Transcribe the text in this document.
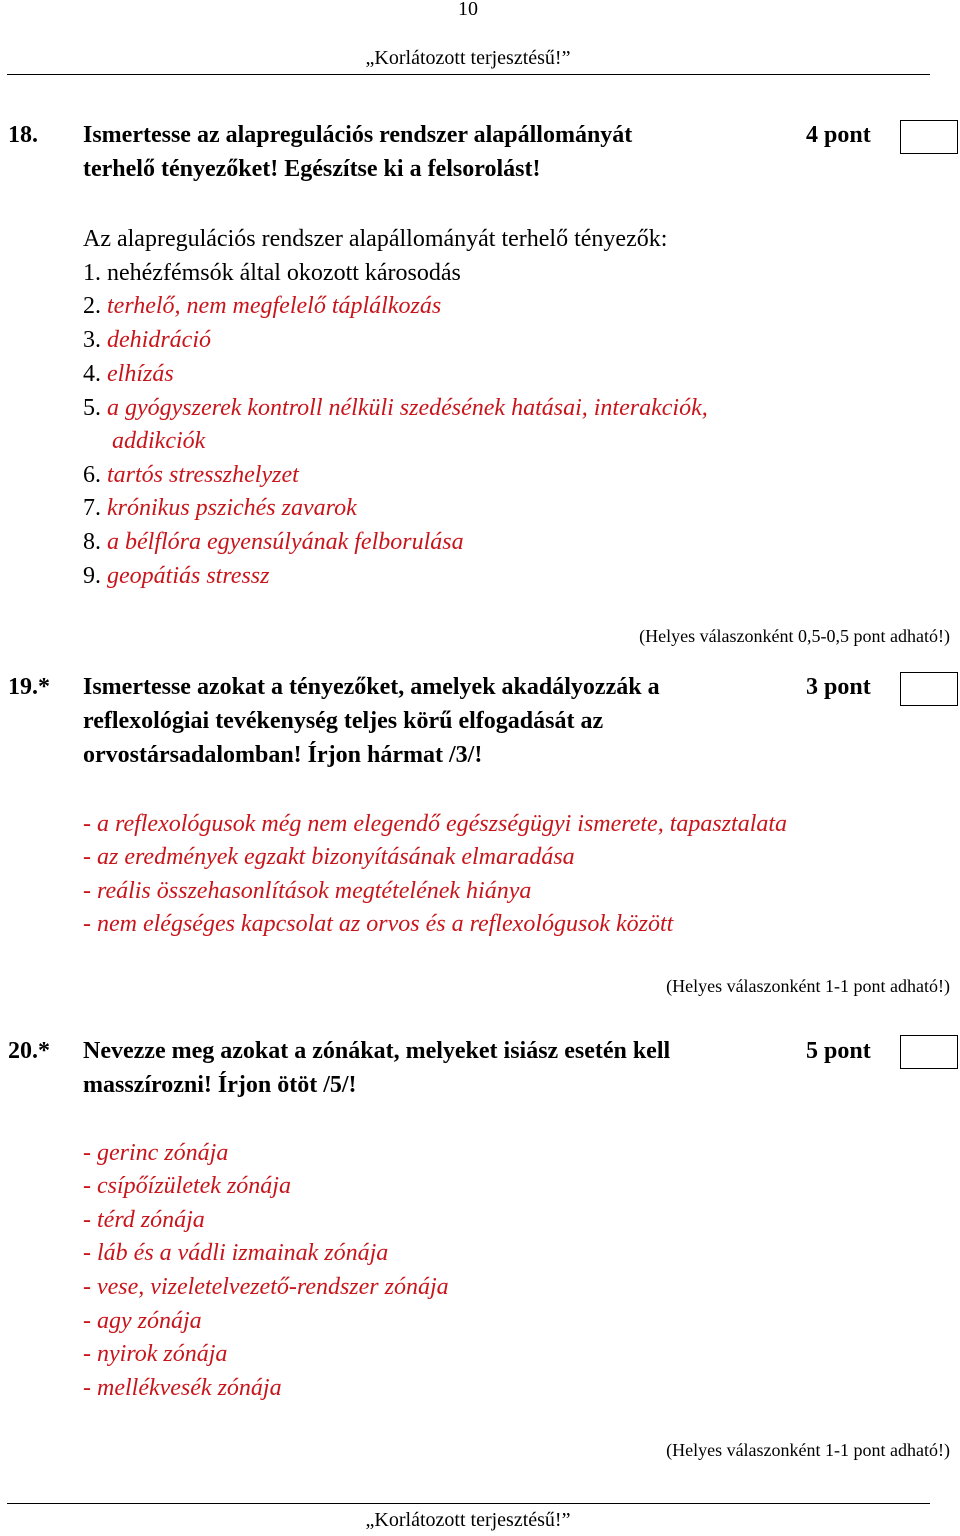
10
„Korlátozott terjesztésű!”
18. Ismertesse az alapregulációs rendszer alapállományát
terhelő tényezőket! Egészítse ki a felsorolást!
4 pont
Az alapregulációs rendszer alapállományát terhelő tényezők:
1. nehézfémsók által okozott károsodás
2. terhelő, nem megfelelő táplálkozás
3. dehidráció
4. elhízás
5. a gyógyszerek kontroll nélküli szedésének hatásai, interakciók,
addikciók
6. tartós stresszhelyzet
7. krónikus pszichés zavarok
8. a bélflóra egyensúlyának felborulása
9. geopátiás stressz
(Helyes válaszonként 0,5-0,5 pont adható!)
19.* Ismertesse azokat a tényezőket, amelyek akadályozzák a
reflexológiai tevékenység teljes körű elfogadását az
orvostársadalomban! Írjon hármat /3/!
3 pont
- a reflexológusok még nem elegendő egészségügyi ismerete, tapasztalata
- az eredmények egzakt bizonyításának elmaradása
- reális összehasonlítások megtételének hiánya
- nem elégséges kapcsolat az orvos és a reflexológusok között
(Helyes válaszonként 1-1 pont adható!)
20.* Nevezze meg azokat a zónákat, melyeket isiász esetén kell
masszírozni! Írjon ötöt /5/!
5 pont
- gerinc zónája
- csípőízületek zónája
- térd zónája
- láb és a vádli izmainak zónája
- vese, vizeletelvezető-rendszer zónája
- agy zónája
- nyirok zónája
- mellékvesék zónája
(Helyes válaszonként 1-1 pont adható!)
„Korlátozott terjesztésű!”
